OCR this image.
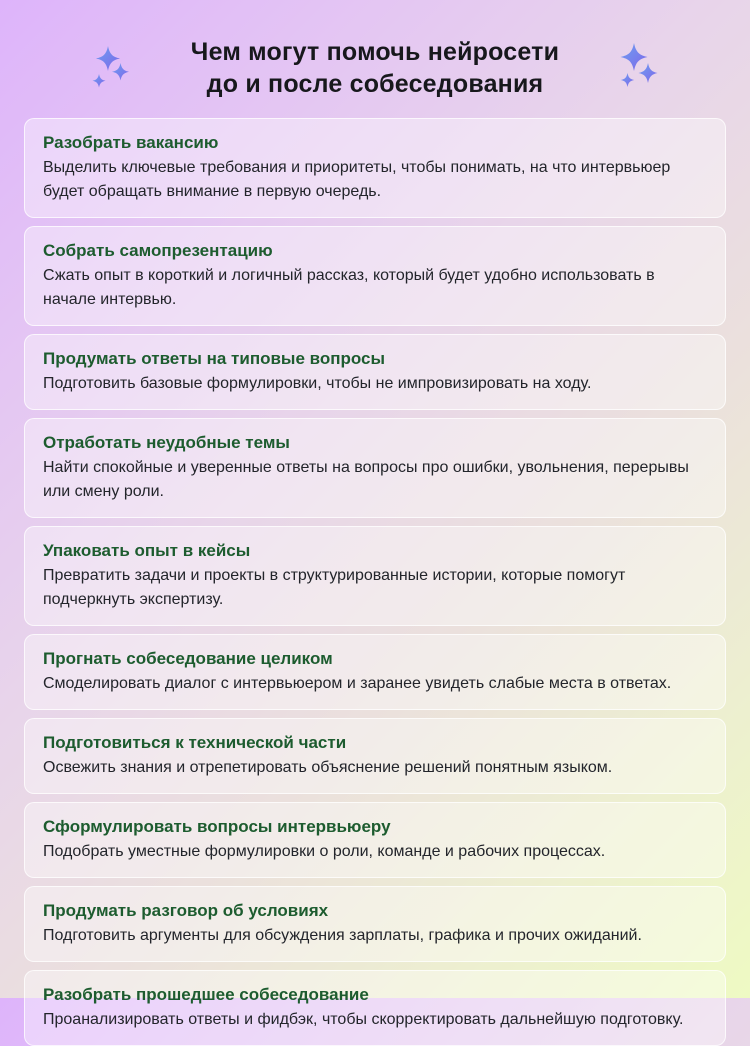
Чем могут помочь нейросети
до и после собеседования
Разобрать вакансию
Выделить ключевые требования и приоритеты, чтобы понимать, на что интервьюер будет обращать внимание в первую очередь.
Собрать самопрезентацию
Сжать опыт в короткий и логичный рассказ, который будет удобно использовать в начале интервью.
Продумать ответы на типовые вопросы
Подготовить базовые формулировки, чтобы не импровизировать на ходу.
Отработать неудобные темы
Найти спокойные и уверенные ответы на вопросы про ошибки, увольнения, перерывы или смену роли.
Упаковать опыт в кейсы
Превратить задачи и проекты в структурированные истории, которые помогут подчеркнуть экспертизу.
Прогнать собеседование целиком
Смоделировать диалог с интервьюером и заранее увидеть слабые места в ответах.
Подготовиться к технической части
Освежить знания и отрепетировать объяснение решений понятным языком.
Сформулировать вопросы интервьюеру
Подобрать уместные формулировки о роли, команде и рабочих процессах.
Продумать разговор об условиях
Подготовить аргументы для обсуждения зарплаты, графика и прочих ожиданий.
Разобрать прошедшее собеседование
Проанализировать ответы и фидбэк, чтобы скорректировать дальнейшую подготовку.
